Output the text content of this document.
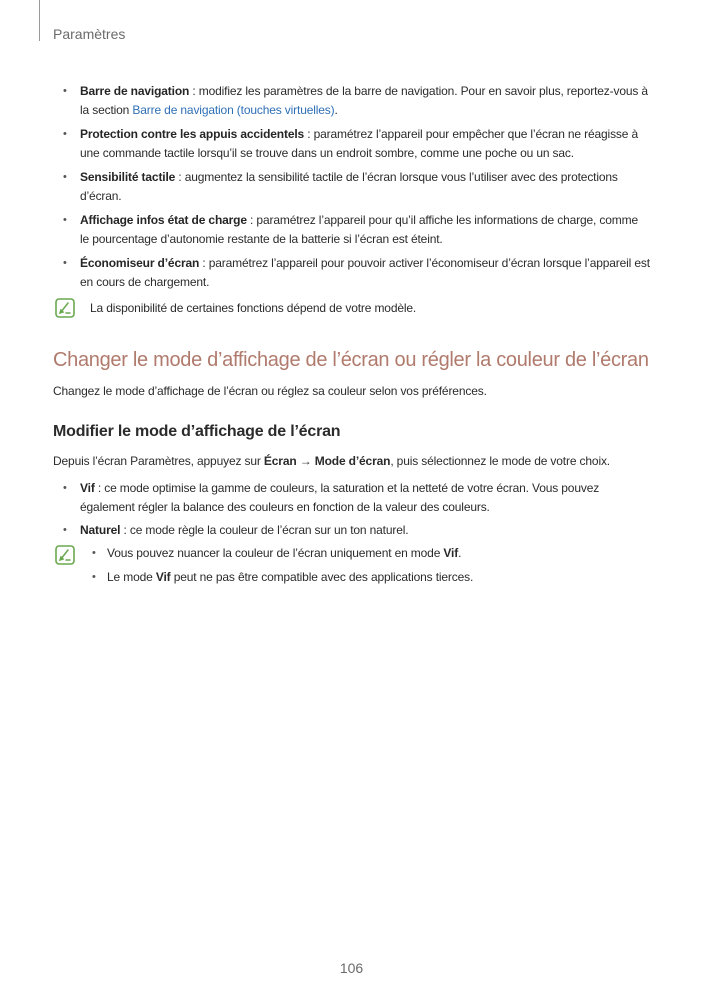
Paramètres
• Barre de navigation : modifiez les paramètres de la barre de navigation. Pour en savoir plus, reportez-vous à la section Barre de navigation (touches virtuelles).
• Protection contre les appuis accidentels : paramétrez l’appareil pour empêcher que l’écran ne réagisse à une commande tactile lorsqu’il se trouve dans un endroit sombre, comme une poche ou un sac.
• Sensibilité tactile : augmentez la sensibilité tactile de l’écran lorsque vous l’utiliser avec des protections d’écran.
• Affichage infos état de charge : paramétrez l’appareil pour qu’il affiche les informations de charge, comme le pourcentage d’autonomie restante de la batterie si l’écran est éteint.
• Économiseur d’écran : paramétrez l’appareil pour pouvoir activer l’économiseur d’écran lorsque l’appareil est en cours de chargement.
La disponibilité de certaines fonctions dépend de votre modèle.
Changer le mode d’affichage de l’écran ou régler la couleur de l’écran
Changez le mode d’affichage de l’écran ou réglez sa couleur selon vos préférences.
Modifier le mode d’affichage de l’écran
Depuis l’écran Paramètres, appuyez sur Écran → Mode d’écran, puis sélectionnez le mode de votre choix.
• Vif : ce mode optimise la gamme de couleurs, la saturation et la netteté de votre écran. Vous pouvez également régler la balance des couleurs en fonction de la valeur des couleurs.
• Naturel : ce mode règle la couleur de l’écran sur un ton naturel.
• Vous pouvez nuancer la couleur de l’écran uniquement en mode Vif.
• Le mode Vif peut ne pas être compatible avec des applications tierces.
106
